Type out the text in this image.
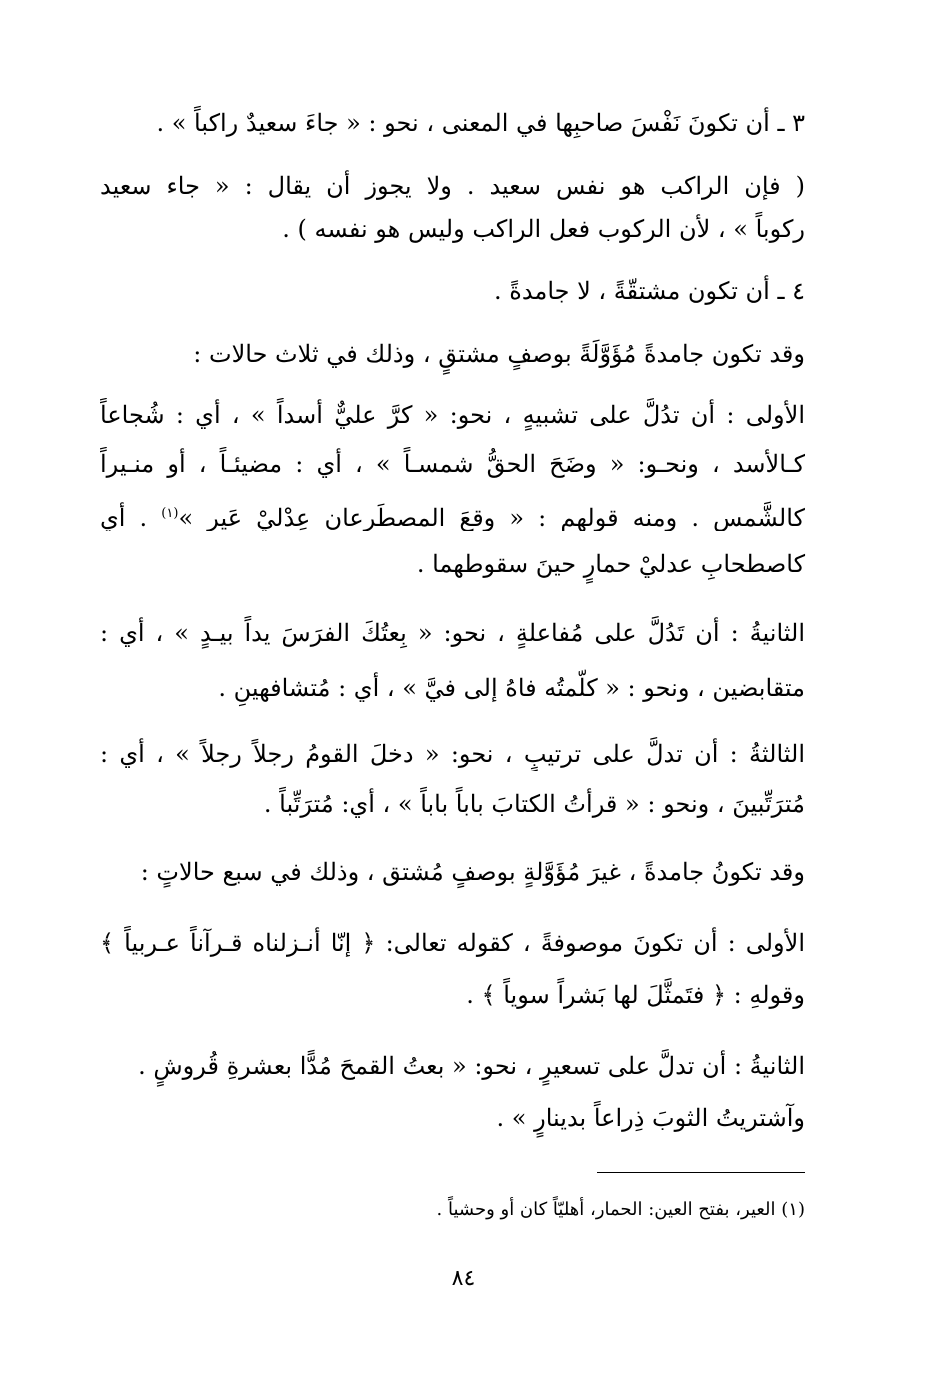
٣ ـ أن تكونَ نَفْسَ صاحبِها في المعنى ، نحو : « جاءَ سعيدٌ راكباً » .
( فإن الراكب هو نفس سعيد . ولا يجوز أن يقال : « جاء سعيد
ركوباً » ، لأن الركوب فعل الراكب وليس هو نفسه ) .
٤ ـ أن تكون مشتقّةً ، لا جامدةً .
وقد تكون جامدةً مُؤَوَّلَةً بوصفٍ مشتقٍ ، وذلك في ثلاث حالات :
الأولى : أن تدُلَّ على تشبيهٍ ، نحو: « كرَّ عليٌّ أسداً » ، أي : شُجاعاً
كـالأسد ، ونحـو: « وضَحَ الحقُّ شمسـاً » ، أي : مضيئـاً ، أو منـيراً
كالشَّمس . ومنه قولهم : « وقعَ المصطَرعانِ عِدْليْ عَيرٍ »$^{(١)}$ . أي
كاصطحابِ عدليْ حمارٍ حينَ سقوطهما .
الثانيةُ : أن تَدُلَّ على مُفاعلةٍ ، نحو: « بِعتُكَ الفرَسَ يداً بيـدٍ » ، أي :
متقابضين ، ونحو : « كلّمتُه فاهُ إلى فيَّ » ، أي : مُتشافهينِ .
الثالثةُ : أن تدلَّ على ترتيبٍ ، نحو: « دخلَ القومُ رجلاً رجلاً » ، أي :
مُترَتِّبينَ ، ونحو : « قرأتُ الكتابَ باباً باباً » ، أي: مُترَتِّباً .
وقد تكونُ جامدةً ، غيرَ مُؤَوَّلةٍ بوصفٍ مُشتق ، وذلك في سبع حالاتٍ :
الأولى : أن تكونَ موصوفةً ، كقوله تعالى: ﴿ إنّا أنـزلناه قـرآناً عـربياً ﴾
وقولهِ : ﴿ فتَمثَّلَ لها بَشراً سوياً ﴾ .
الثانيةُ : أن تدلَّ على تسعيرٍ ، نحو: « بعتُ القمحَ مُدًّا بعشرةِ قُروشٍ .
وآشتريتُ الثوبَ ذِراعاً بدينارٍ » .
(١) العير، بفتح العين: الحمار، أهليّاً كان أو وحشياً .
٨٤
